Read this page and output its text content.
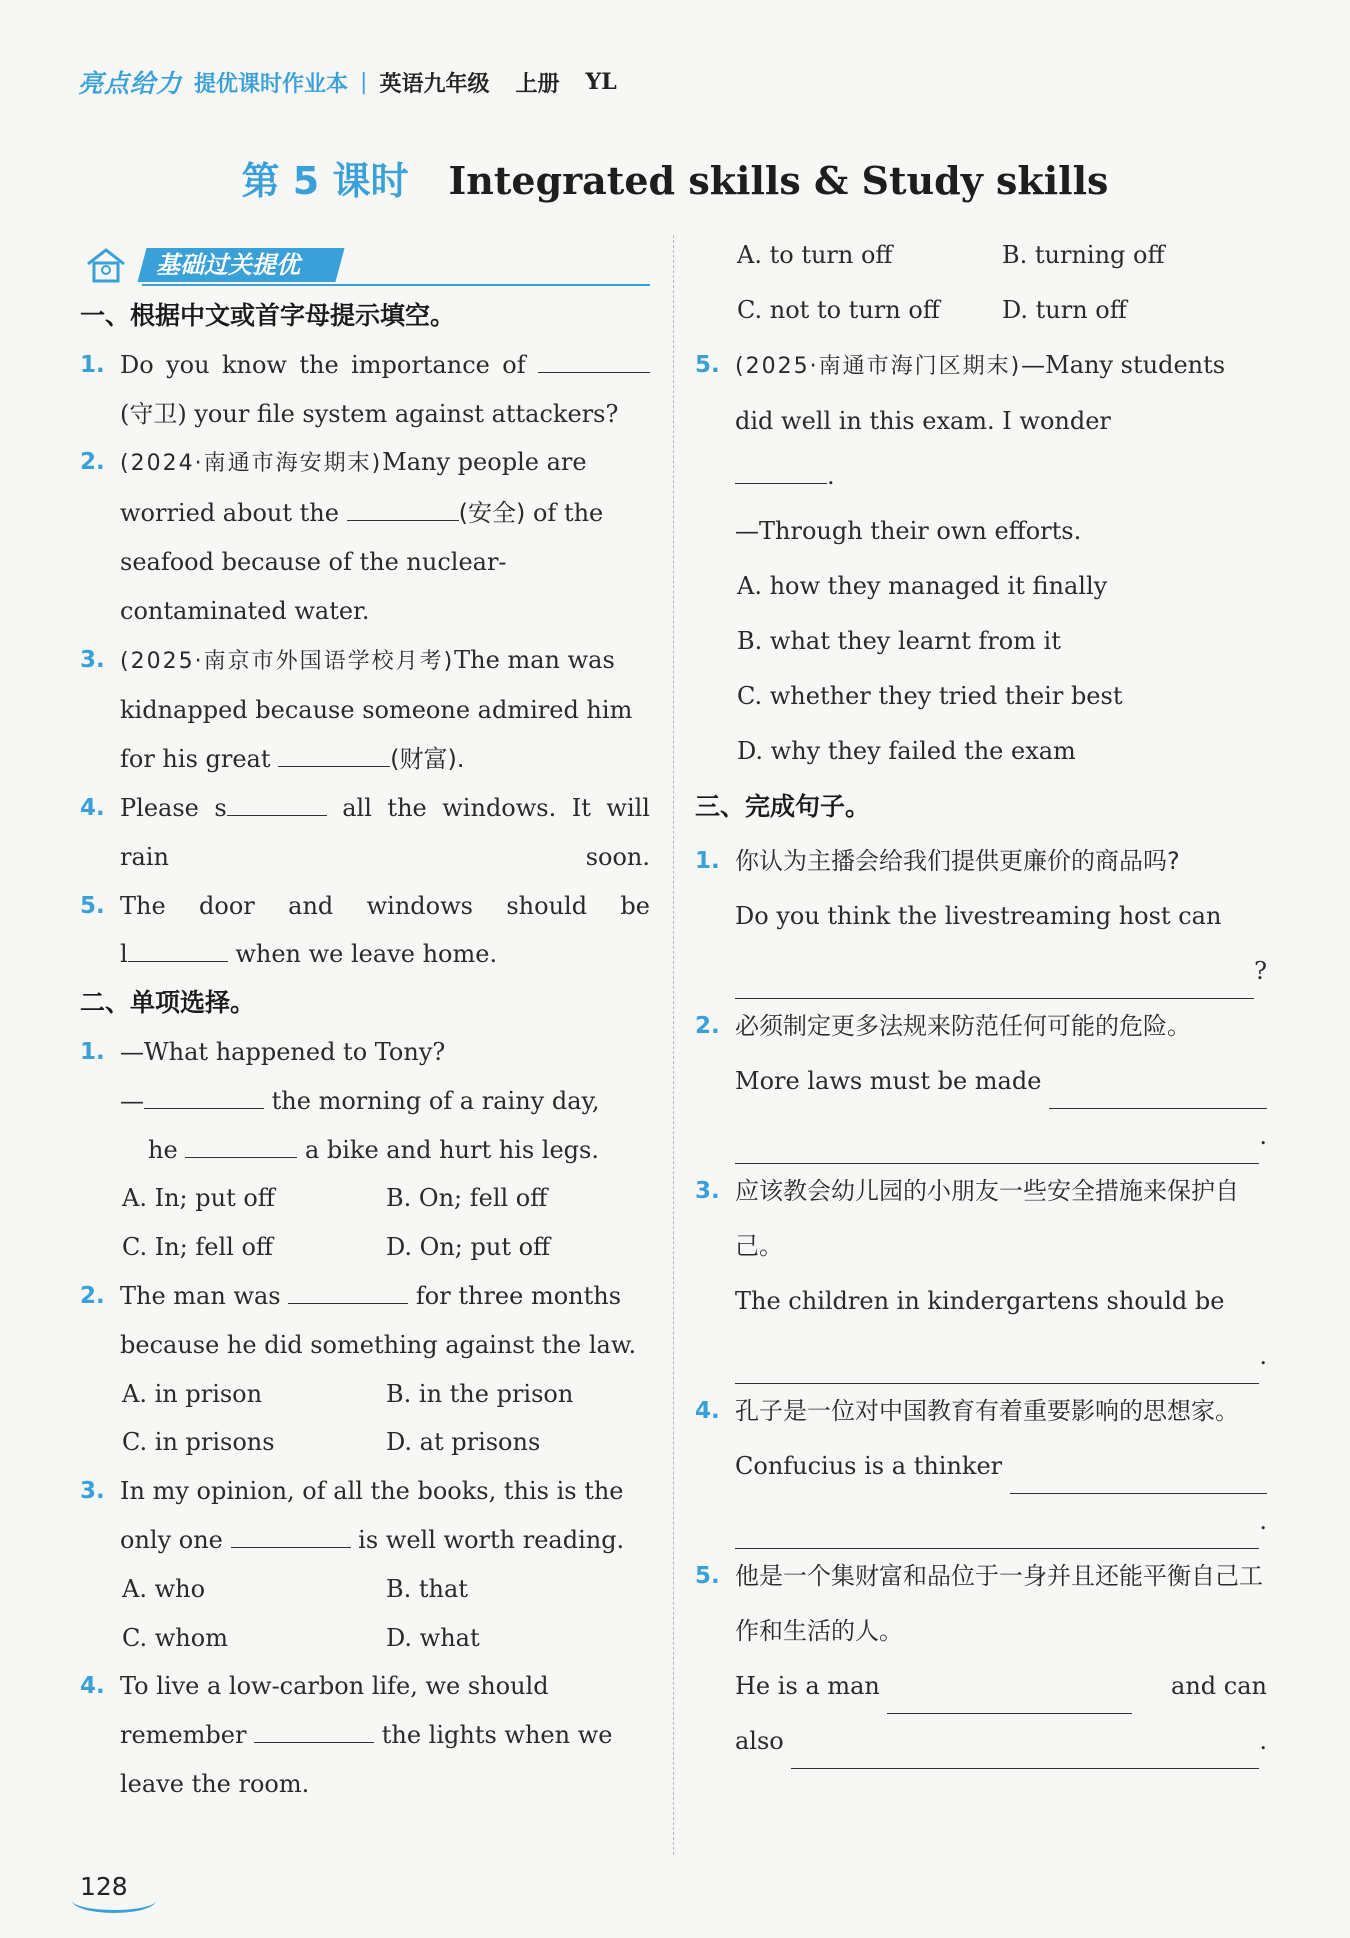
亮点给力 提优课时作业本 | 英语九年级 上册 YL
第 5 课时 Integrated skills & Study skills
基础过关提优
一、根据中文或首字母提示填空。
1. Do you know the importance of
(守卫) your file system against attackers?
2. (2024·南通市海安期末)Many people are worried about the	(安全) of the seafood because of the nuclear-contaminated water.
3. (2025·南京市外国语学校月考)The man was kidnapped because someone admired him for his great	(财富).
4. Please s	all the windows. It will rain soon.
5. The door and windows should be
l	when we leave home.
二、单项选择。
1. —What happened to Tony?
—	the morning of a rainy day,
he	a bike and hurt his legs.
A. In; put off	B. On; fell off
C. In; fell off	D. On; put off
2. The man was	for three months because he did something against the law.
A. in prison	B. in the prison
C. in prisons	D. at prisons
3. In my opinion, of all the books, this is the only one	is well worth reading.
A. who	B. that
C. whom	D. what
4. To live a low-carbon life, we should remember	the lights when we leave the room.
A. to turn off	B. turning off
C. not to turn off	D. turn off
5. (2025·南通市海门区期末)—Many students did well in this exam. I wonder
.
—Through their own efforts.
A. how they managed it finally
B. what they learnt from it
C. whether they tried their best
D. why they failed the exam
三、完成句子。
1. 你认为主播会给我们提供更廉价的商品吗?
Do you think the livestreaming host can
?
2. 必须制定更多法规来防范任何可能的危险。
More laws must be made

.
3. 应该教会幼儿园的小朋友一些安全措施来保护自己。
The children in kindergartens should be
.
4. 孔子是一位对中国教育有着重要影响的思想家。
Confucius is a thinker

.
5. 他是一个集财富和品位于一身并且还能平衡自己工作和生活的人。
He is a man

	and can
also
	.
128
